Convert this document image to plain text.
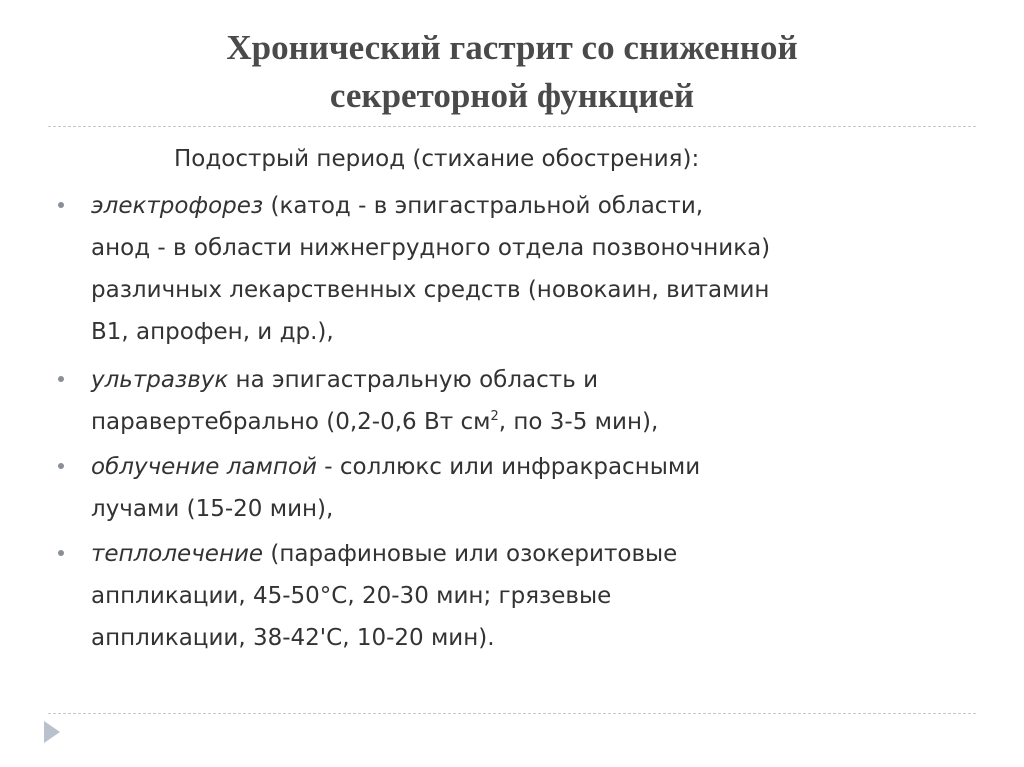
Хронический гастрит со сниженной
секреторной функцией
Подострый период (стихание обострения):
электрофорез (катод - в эпигастральной области,
анод - в области нижнегрудного отдела позвоночника)
различных лекарственных средств (новокаин, витамин
В1, апрофен, и др.),
ультразвук на эпигастральную область и
паравертебрально (0,2-0,6 Вт $см^2$, по 3-5 мин),
облучение лампой - соллюкс или инфракрасными
лучами (15-20 мин),
теплолечение (парафиновые или озокеритовые
аппликации, 45-50°С, 20-30 мин; грязевые
аппликации, 38-42'С, 10-20 мин).
